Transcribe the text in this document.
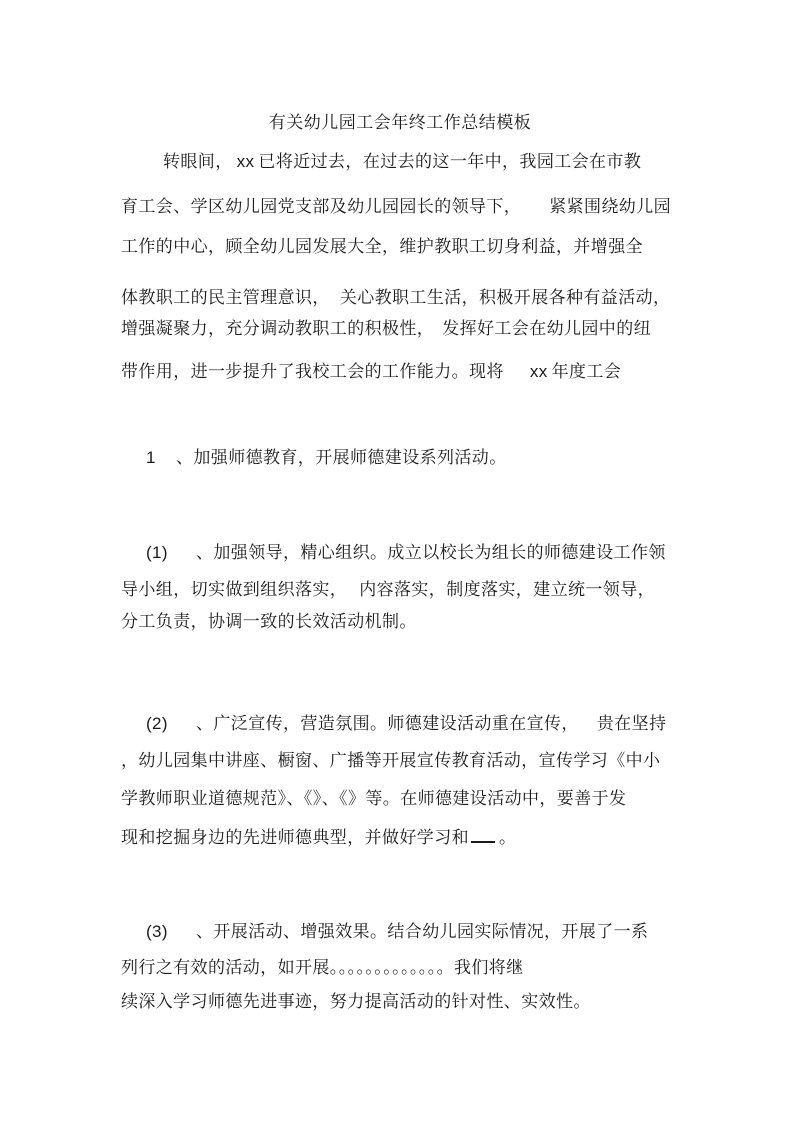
有关幼儿园工会年终工作总结模板

转眼间， xx 已将近过去，在过去的这一年中，我园工会在市教

育工会、学区幼儿园党支部及幼儿园园长的领导下， 紧紧围绕幼儿园

工作的中心，顾全幼儿园发展大全，维护教职工切身利益，并增强全

体教职工的民主管理意识， 关心教职工生活，积极开展各种有益活动，

增强凝聚力，充分调动教职工的积极性， 发挥好工会在幼儿园中的纽

带作用，进一步提升了我校工会的工作能力。现将 xx 年度工会

1 、加强师德教育，开展师德建设系列活动。

(1) 、加强领导，精心组织。成立以校长为组长的师德建设工作领

导小组，切实做到组织落实， 内容落实，制度落实，建立统一领导，

分工负责，协调一致的长效活动机制。

(2) 、广泛宣传，营造氛围。师德建设活动重在宣传， 贵在坚持

，幼儿园集中讲座、橱窗、广播等开展宣传教育活动，宣传学习《中小

学教师职业道德规范》、《》、《》等。在师德建设活动中，要善于发

现和挖掘身边的先进师德典型，并做好学习和 。

(3) 、开展活动、增强效果。结合幼儿园实际情况，开展了一系

列行之有效的活动，如开展。。。。。。。。。。。。。我们将继

续深入学习师德先进事迹，努力提高活动的针对性、实效性。
